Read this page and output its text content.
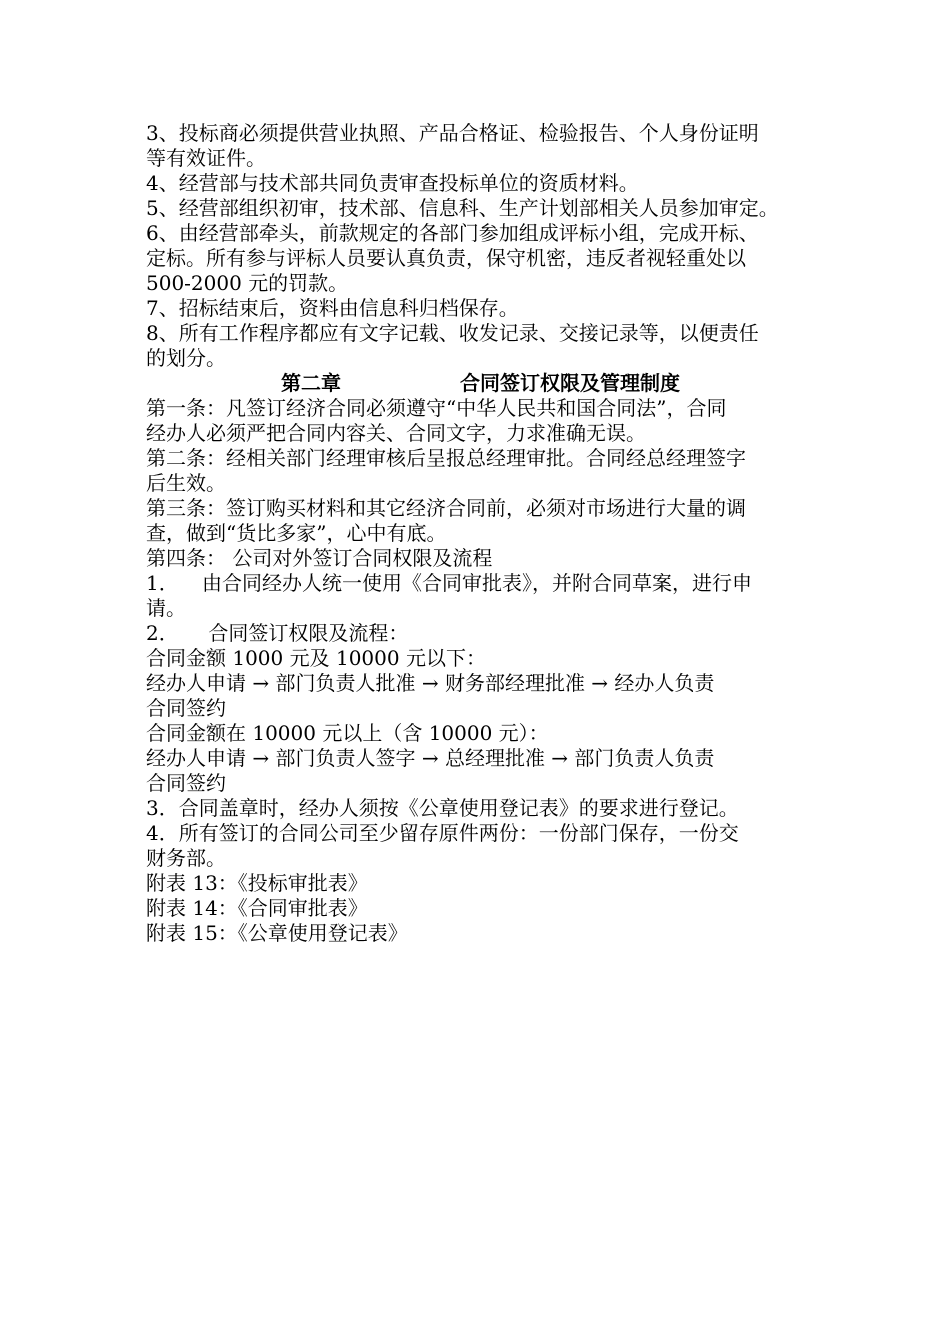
3、投标商必须提供营业执照、产品合格证、检验报告、个人身份证明
等有效证件。
4、经营部与技术部共同负责审查投标单位的资质材料。
5、经营部组织初审，技术部、信息科、生产计划部相关人员参加审定。
6、由经营部牵头，前款规定的各部门参加组成评标小组，完成开标、
定标。所有参与评标人员要认真负责，保守机密，违反者视轻重处以
500-2000 元的罚款。
7、招标结束后，资料由信息科归档保存。
8、所有工作程序都应有文字记载、收发记录、交接记录等，以便责任
的划分。
第二章	合同签订权限及管理制度
第一条：凡签订经济合同必须遵守“中华人民共和国合同法”，合同
经办人必须严把合同内容关、合同文字，力求准确无误。
第二条：经相关部门经理审核后呈报总经理审批。合同经总经理签字
后生效。
第三条：签订购买材料和其它经济合同前，必须对市场进行大量的调
查，做到“货比多家”，心中有底。
第四条： 公司对外签订合同权限及流程
1． 由合同经办人统一使用《合同审批表》，并附合同草案，进行申
请。
2． 合同签订权限及流程：
合同金额 1000 元及 10000 元以下：
经办人申请 → 部门负责人批准 → 财务部经理批准 → 经办人负责
合同签约
合同金额在 10000 元以上（含 10000 元）：
经办人申请 → 部门负责人签字 → 总经理批准 → 部门负责人负责
合同签约
3．合同盖章时，经办人须按《公章使用登记表》的要求进行登记。
4．所有签订的合同公司至少留存原件两份：一份部门保存，一份交
财务部。
附表 13：《投标审批表》
附表 14：《合同审批表》
附表 15：《公章使用登记表》
